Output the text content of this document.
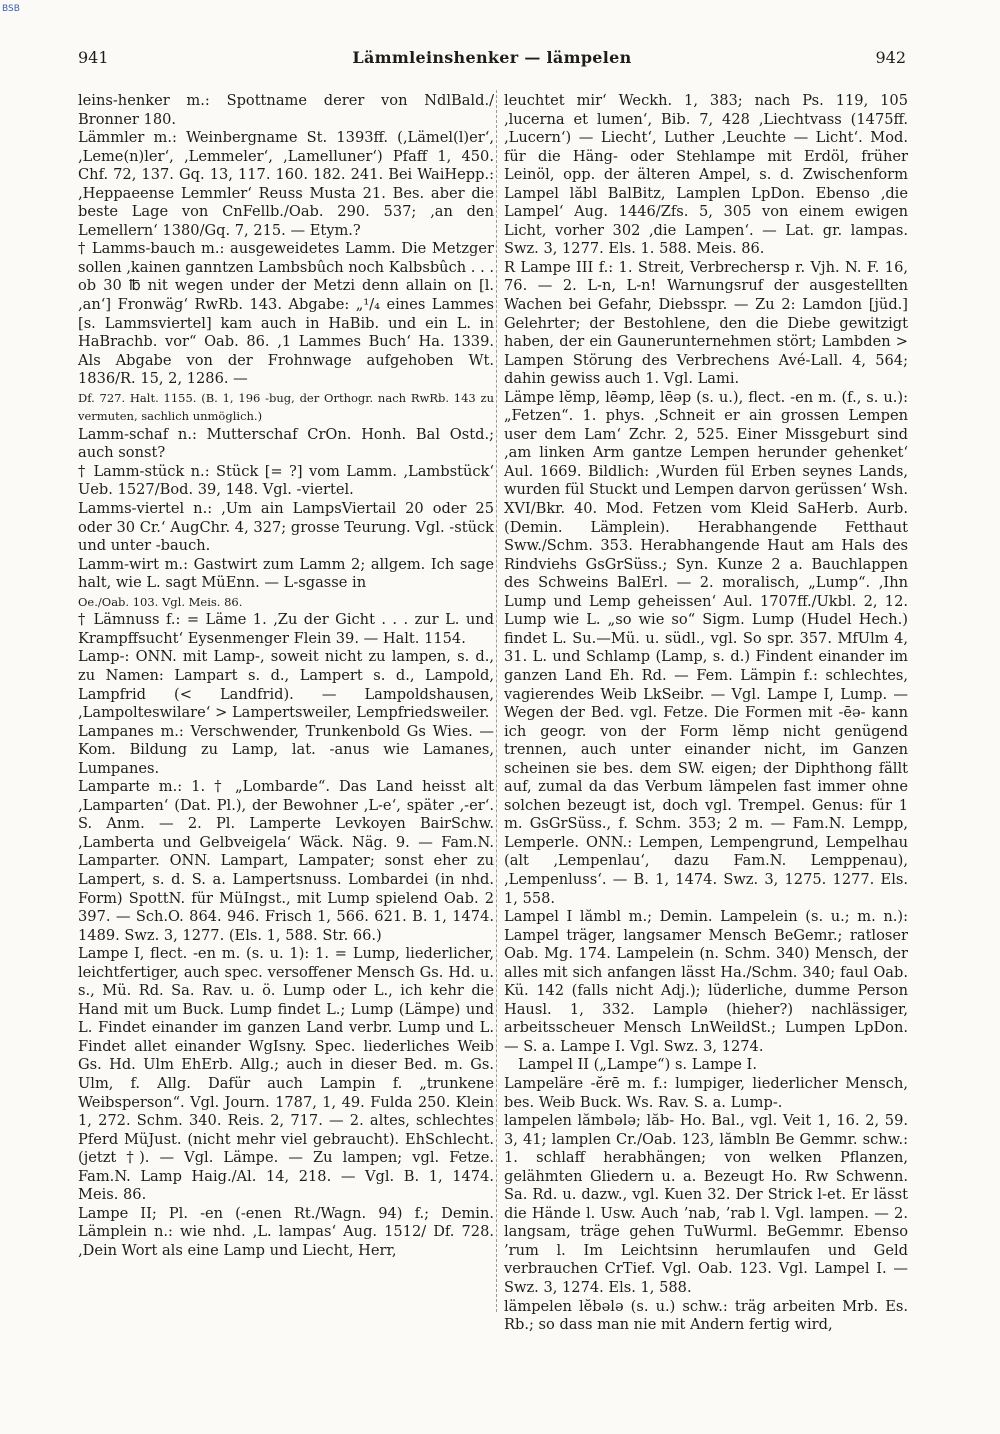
BSB
941	Lämmleinshenker — lämpelen	942

leins-henker m.: Spottname derer von NdlBald./ Bronner 180.

Lämmler m.: Weinbergname St. 1393ff. (‚Lämel(l)er‘, ‚Leme(n)ler‘, ‚Lemmeler‘, ‚Lamelluner‘) Pfaff 1, 450. Chf. 72, 137. Gq. 13, 117. 160. 182. 241. Bei WaiHepp.: ‚Heppaeense Lemmler‘ Reuss Musta 21. Bes. aber die beste Lage von CnFellb./Oab. 290. 537; ‚an den Lemellern‘ 1380/Gq. 7, 215. — Etym.?

† Lamms-bauch m.: ausgeweidetes Lamm. Die Metzger sollen ‚kainen ganntzen Lambsbûch noch Kalbsbûch . . . ob 30 ℔ nit wegen under der Metzi denn allain on [l. ‚an‘] Fronwäg‘ RwRb. 143. Abgabe: „¹/₄ eines Lammes [s. Lammsviertel] kam auch in HaBib. und ein L. in HaBrachb. vor“ Oab. 86. ‚1 Lammes Buch‘ Ha. 1339. Als Abgabe von der Frohnwage aufgehoben Wt. 1836/R. 15, 2, 1286. —

Df. 727. Halt. 1155. (B. 1, 196 -bug, der Orthogr. nach RwRb. 143 zu vermuten, sachlich unmöglich.)

Lamm-schaf n.: Mutterschaf CrOn. Honh. Bal Ostd.; auch sonst?

† Lamm-stück n.: Stück [= ?] vom Lamm. ‚Lambstück‘ Ueb. 1527/Bod. 39, 148. Vgl. -viertel.

Lamms-viertel n.: ‚Um ain LampsViertail 20 oder 25 oder 30 Cr.‘ AugChr. 4, 327; grosse Teurung. Vgl. -stück und unter -bauch.

Lamm-wirt m.: Gastwirt zum Lamm 2; allgem. Ich sage halt, wie L. sagt MüEnn. — L-sgasse in

Oe./Oab. 103. Vgl. Meis. 86.

† Lämnuss f.: = Läme 1. ‚Zu der Gicht . . . zur L. und Krampffsucht‘ Eysenmenger Flein 39. — Halt. 1154.

Lamp-: ONN. mit Lamp-, soweit nicht zu lampen, s. d., zu Namen: Lampart s. d., Lampert s. d., Lampold, Lampfrid (< Landfrid). — Lampoldshausen, ‚Lampolteswilare‘ > Lampertsweiler, Lempfriedsweiler.

Lampanes m.: Verschwender, Trunkenbold Gs Wies. — Kom. Bildung zu Lamp, lat. -anus wie Lamanes, Lumpanes.

Lamparte m.: 1. † „Lombarde“. Das Land heisst alt ‚Lamparten‘ (Dat. Pl.), der Bewohner ‚L-e‘, später ‚-er‘. S. Anm. — 2. Pl. Lamperte Levkoyen BairSchw. ‚Lamberta und Gelbveigela‘ Wäck. Näg. 9. — Fam.N. Lamparter. ONN. Lampart, Lampater; sonst eher zu Lampert, s. d. S. a. Lampertsnuss. Lombardei (in nhd. Form) SpottN. für MüIngst., mit Lump spielend Oab. 2 397. — Sch.O. 864. 946. Frisch 1, 566. 621. B. 1, 1474. 1489. Swz. 3, 1277. (Els. 1, 588. Str. 66.)

Lampe I, flect. -en m. (s. u. 1): 1. = Lump, liederlicher, leichtfertiger, auch spec. versoffener Mensch Gs. Hd. u. s., Mü. Rd. Sa. Rav. u. ö. Lump oder L., ich kehr die Hand mit um Buck. Lump findet L.; Lump (Lämpe) und L. Findet einander im ganzen Land verbr. Lump und L. Findet allet einander WgIsny. Spec. liederliches Weib Gs. Hd. Ulm EhErb. Allg.; auch in dieser Bed. m. Gs. Ulm, f. Allg. Dafür auch Lampin f. „trunkene Weibsperson“. Vgl. Journ. 1787, 1, 49. Fulda 250. Klein 1, 272. Schm. 340. Reis. 2, 717. — 2. altes, schlechtes Pferd MüJust. (nicht mehr viel gebraucht). EhSchlecht. (jetzt †). — Vgl. Lämpe. — Zu lampen; vgl. Fetze. Fam.N. Lamp Haig./Al. 14, 218. — Vgl. B. 1, 1474. Meis. 86.

Lampe II; Pl. -en (-enen Rt./Wagn. 94) f.; Demin. Lämplein n.: wie nhd. ‚L. lampas‘ Aug. 1512/ Df. 728. ‚Dein Wort als eine Lamp und Liecht, Herr,

leuchtet mir‘ Weckh. 1, 383; nach Ps. 119, 105 ‚lucerna et lumen‘, Bib. 7, 428 ‚Liechtvass (1475ff. ‚Lucern‘) — Liecht‘, Luther ‚Leuchte — Licht‘. Mod. für die Häng- oder Stehlampe mit Erdöl, früher Leinöl, opp. der älteren Ampel, s. d. Zwischenform Lampel lăbl BalBitz, Lamplen LpDon. Ebenso ‚die Lampel‘ Aug. 1446/Zfs. 5, 305 von einem ewigen Licht, vorher 302 ‚die Lampen‘. — Lat. gr. lampas. Swz. 3, 1277. Els. 1. 588. Meis. 86.

R Lampe III f.: 1. Streit, Verbrechersp r. Vjh. N. F. 16, 76. — 2. L-n, L-n! Warnungsruf der ausgestellten Wachen bei Gefahr, Diebsspr. — Zu 2: Lamdon [jüd.] Gelehrter; der Bestohlene, den die Diebe gewitzigt haben, der ein Gaunerunternehmen stört; Lambden > Lampen Störung des Verbrechens Avé-Lall. 4, 564; dahin gewiss auch 1. Vgl. Lami.

Lämpe lĕmp, lēəmp, lēəp (s. u.), flect. -en m. (f., s. u.): „Fetzen“. 1. phys. ‚Schneit er ain grossen Lempen user dem Lam‘ Zchr. 2, 525. Einer Missgeburt sind ‚am linken Arm gantze Lempen herunder gehenket‘ Aul. 1669. Bildlich: ‚Wurden fül Erben seynes Lands, wurden fül Stuckt und Lempen darvon gerüssen‘ Wsh. XVI/Bkr. 40. Mod. Fetzen vom Kleid SaHerb. Aurb. (Demin. Lämplein). Herabhangende Fetthaut Sww./Schm. 353. Herabhangende Haut am Hals des Rindviehs GsGrSüss.; Syn. Kunze 2 a. Bauchlappen des Schweins BalErl. — 2. moralisch, „Lump“. ‚Ihn Lump und Lemp geheissen‘ Aul. 1707ff./Ukbl. 2, 12. Lump wie L. „so wie so“ Sigm. Lump (Hudel Hech.) findet L. Su.—Mü. u. südl., vgl. So spr. 357. MfUlm 4, 31. L. und Schlamp (Lamp, s. d.) Findent einander im ganzen Land Eh. Rd. — Fem. Lämpin f.: schlechtes, vagierendes Weib LkSeibr. — Vgl. Lampe I, Lump. — Wegen der Bed. vgl. Fetze. Die Formen mit -ēə- kann ich geogr. von der Form lĕmp nicht genügend trennen, auch unter einander nicht, im Ganzen scheinen sie bes. dem SW. eigen; der Diphthong fällt auf, zumal da das Verbum lämpelen fast immer ohne solchen bezeugt ist, doch vgl. Trempel. Genus: für 1 m. GsGrSüss., f. Schm. 353; 2 m. — Fam.N. Lempp, Lemperle. ONN.: Lempen, Lempengrund, Lempelhau (alt ‚Lempenlau‘, dazu Fam.N. Lemppenau), ‚Lempenluss‘. — B. 1, 1474. Swz. 3, 1275. 1277. Els. 1, 558.

Lampel I lămbl m.; Demin. Lampelein (s. u.; m. n.): Lampel träger, langsamer Mensch BeGemr.; ratloser Oab. Mg. 174. Lampelein (n. Schm. 340) Mensch, der alles mit sich anfangen lässt Ha./Schm. 340; faul Oab. Kü. 142 (falls nicht Adj.); lüderliche, dumme Person Hausl. 1, 332. Lamplə (hieher?) nachlässiger, arbeitsscheuer Mensch LnWeildSt.; Lumpen LpDon. — S. a. Lampe I. Vgl. Swz. 3, 1274.

Lampel II („Lampe“) s. Lampe I.

Lampeläre -ĕrē m. f.: lumpiger, liederlicher Mensch, bes. Weib Buck. Ws. Rav. S. a. Lump-.

lampelen lămbələ; lăb- Ho. Bal., vgl. Veit 1, 16. 2, 59. 3, 41; lamplen Cr./Oab. 123, lămbln Be Gemmr. schw.: 1. schlaff herabhängen; von welken Pflanzen, gelähmten Gliedern u. a. Bezeugt Ho. Rw Schwenn. Sa. Rd. u. dazw., vgl. Kuen 32. Der Strick l-et. Er lässt die Hände l. Usw. Auch ’nab, ’rab l. Vgl. lampen. — 2. langsam, träge gehen TuWurml. BeGemmr. Ebenso ’rum l. Im Leichtsinn herumlaufen und Geld verbrauchen CrTief. Vgl. Oab. 123. Vgl. Lampel I. — Swz. 3, 1274. Els. 1, 588.

lämpelen lĕbələ (s. u.) schw.: träg arbeiten Mrb. Es. Rb.; so dass man nie mit Andern fertig wird,
